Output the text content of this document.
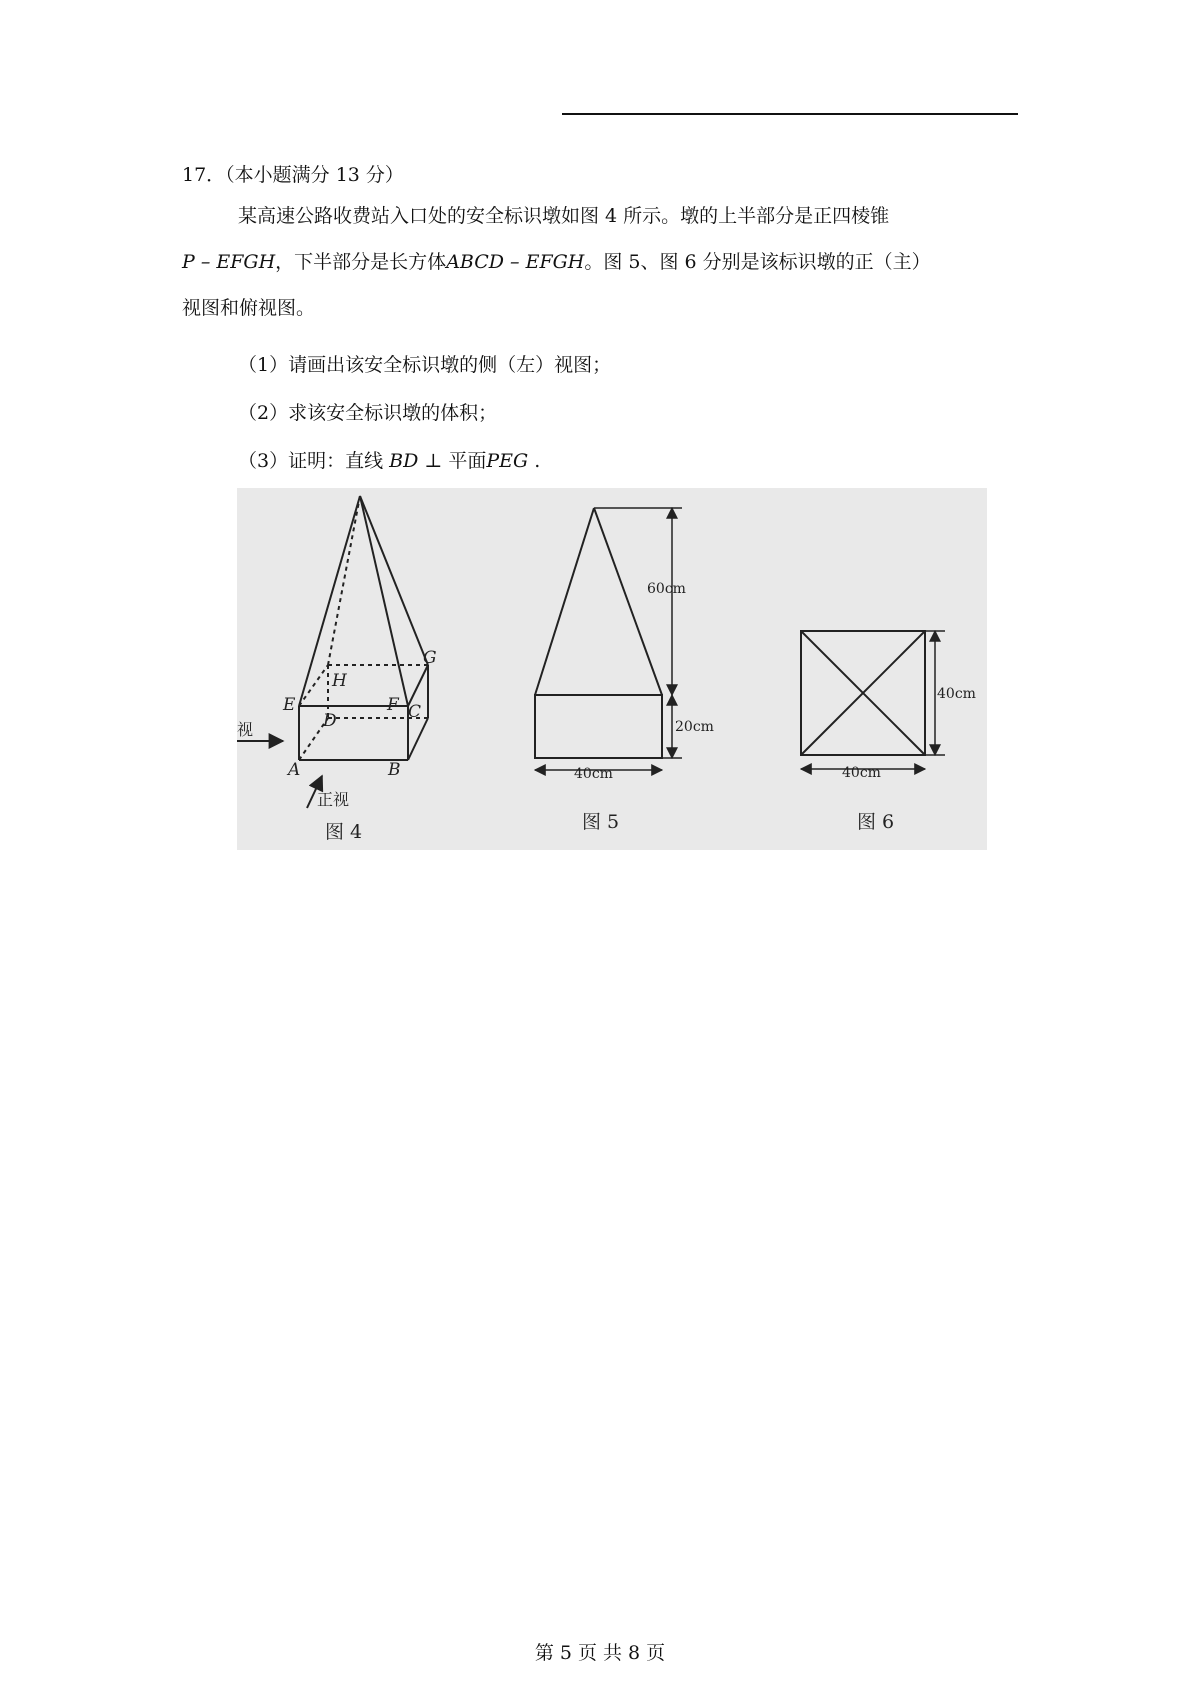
17．（本小题满分 13 分）

某高速公路收费站入口处的安全标识墩如图 4 所示。墩的上半部分是正四棱锥

P – EFGH，下半部分是长方体ABCD – EFGH。图 5、图 6 分别是该标识墩的正（主）

视图和俯视图。

（1）请画出该安全标识墩的侧（左）视图；
（2）求该安全标识墩的体积；
（3）证明：直线 BD ⊥ 平面PEG .
G
H
E	F C
D
A	B
视
正视
图 4
60cm
20cm
40cm
图 5
40cm
40cm
图 6
第 5 页 共 8 页
